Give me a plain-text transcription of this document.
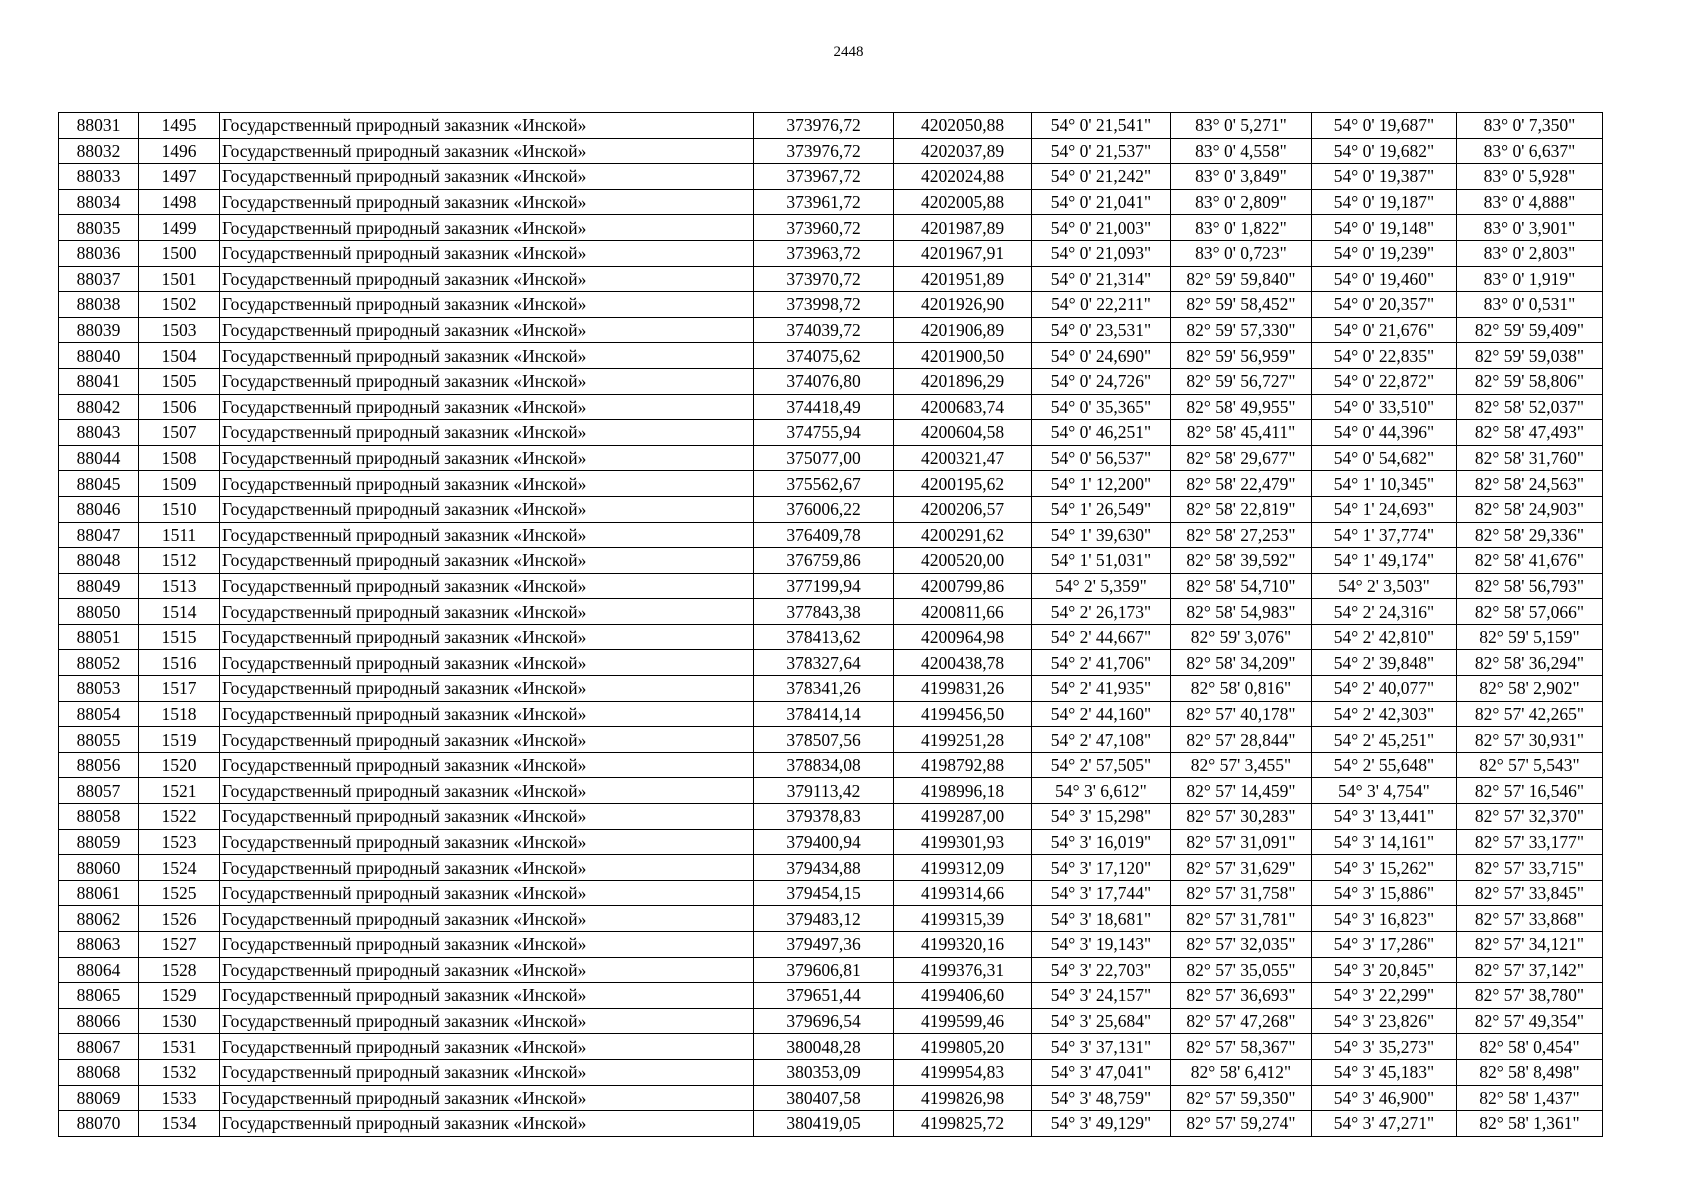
2448
88031	1495	Государственный природный заказник «Инской»	373976,72	4202050,88	54° 0' 21,541"	83° 0' 5,271"	54° 0' 19,687"	83° 0' 7,350"
88032	1496	Государственный природный заказник «Инской»	373976,72	4202037,89	54° 0' 21,537"	83° 0' 4,558"	54° 0' 19,682"	83° 0' 6,637"
88033	1497	Государственный природный заказник «Инской»	373967,72	4202024,88	54° 0' 21,242"	83° 0' 3,849"	54° 0' 19,387"	83° 0' 5,928"
88034	1498	Государственный природный заказник «Инской»	373961,72	4202005,88	54° 0' 21,041"	83° 0' 2,809"	54° 0' 19,187"	83° 0' 4,888"
88035	1499	Государственный природный заказник «Инской»	373960,72	4201987,89	54° 0' 21,003"	83° 0' 1,822"	54° 0' 19,148"	83° 0' 3,901"
88036	1500	Государственный природный заказник «Инской»	373963,72	4201967,91	54° 0' 21,093"	83° 0' 0,723"	54° 0' 19,239"	83° 0' 2,803"
88037	1501	Государственный природный заказник «Инской»	373970,72	4201951,89	54° 0' 21,314"	82° 59' 59,840"	54° 0' 19,460"	83° 0' 1,919"
88038	1502	Государственный природный заказник «Инской»	373998,72	4201926,90	54° 0' 22,211"	82° 59' 58,452"	54° 0' 20,357"	83° 0' 0,531"
88039	1503	Государственный природный заказник «Инской»	374039,72	4201906,89	54° 0' 23,531"	82° 59' 57,330"	54° 0' 21,676"	82° 59' 59,409"
88040	1504	Государственный природный заказник «Инской»	374075,62	4201900,50	54° 0' 24,690"	82° 59' 56,959"	54° 0' 22,835"	82° 59' 59,038"
88041	1505	Государственный природный заказник «Инской»	374076,80	4201896,29	54° 0' 24,726"	82° 59' 56,727"	54° 0' 22,872"	82° 59' 58,806"
88042	1506	Государственный природный заказник «Инской»	374418,49	4200683,74	54° 0' 35,365"	82° 58' 49,955"	54° 0' 33,510"	82° 58' 52,037"
88043	1507	Государственный природный заказник «Инской»	374755,94	4200604,58	54° 0' 46,251"	82° 58' 45,411"	54° 0' 44,396"	82° 58' 47,493"
88044	1508	Государственный природный заказник «Инской»	375077,00	4200321,47	54° 0' 56,537"	82° 58' 29,677"	54° 0' 54,682"	82° 58' 31,760"
88045	1509	Государственный природный заказник «Инской»	375562,67	4200195,62	54° 1' 12,200"	82° 58' 22,479"	54° 1' 10,345"	82° 58' 24,563"
88046	1510	Государственный природный заказник «Инской»	376006,22	4200206,57	54° 1' 26,549"	82° 58' 22,819"	54° 1' 24,693"	82° 58' 24,903"
88047	1511	Государственный природный заказник «Инской»	376409,78	4200291,62	54° 1' 39,630"	82° 58' 27,253"	54° 1' 37,774"	82° 58' 29,336"
88048	1512	Государственный природный заказник «Инской»	376759,86	4200520,00	54° 1' 51,031"	82° 58' 39,592"	54° 1' 49,174"	82° 58' 41,676"
88049	1513	Государственный природный заказник «Инской»	377199,94	4200799,86	54° 2' 5,359"	82° 58' 54,710"	54° 2' 3,503"	82° 58' 56,793"
88050	1514	Государственный природный заказник «Инской»	377843,38	4200811,66	54° 2' 26,173"	82° 58' 54,983"	54° 2' 24,316"	82° 58' 57,066"
88051	1515	Государственный природный заказник «Инской»	378413,62	4200964,98	54° 2' 44,667"	82° 59' 3,076"	54° 2' 42,810"	82° 59' 5,159"
88052	1516	Государственный природный заказник «Инской»	378327,64	4200438,78	54° 2' 41,706"	82° 58' 34,209"	54° 2' 39,848"	82° 58' 36,294"
88053	1517	Государственный природный заказник «Инской»	378341,26	4199831,26	54° 2' 41,935"	82° 58' 0,816"	54° 2' 40,077"	82° 58' 2,902"
88054	1518	Государственный природный заказник «Инской»	378414,14	4199456,50	54° 2' 44,160"	82° 57' 40,178"	54° 2' 42,303"	82° 57' 42,265"
88055	1519	Государственный природный заказник «Инской»	378507,56	4199251,28	54° 2' 47,108"	82° 57' 28,844"	54° 2' 45,251"	82° 57' 30,931"
88056	1520	Государственный природный заказник «Инской»	378834,08	4198792,88	54° 2' 57,505"	82° 57' 3,455"	54° 2' 55,648"	82° 57' 5,543"
88057	1521	Государственный природный заказник «Инской»	379113,42	4198996,18	54° 3' 6,612"	82° 57' 14,459"	54° 3' 4,754"	82° 57' 16,546"
88058	1522	Государственный природный заказник «Инской»	379378,83	4199287,00	54° 3' 15,298"	82° 57' 30,283"	54° 3' 13,441"	82° 57' 32,370"
88059	1523	Государственный природный заказник «Инской»	379400,94	4199301,93	54° 3' 16,019"	82° 57' 31,091"	54° 3' 14,161"	82° 57' 33,177"
88060	1524	Государственный природный заказник «Инской»	379434,88	4199312,09	54° 3' 17,120"	82° 57' 31,629"	54° 3' 15,262"	82° 57' 33,715"
88061	1525	Государственный природный заказник «Инской»	379454,15	4199314,66	54° 3' 17,744"	82° 57' 31,758"	54° 3' 15,886"	82° 57' 33,845"
88062	1526	Государственный природный заказник «Инской»	379483,12	4199315,39	54° 3' 18,681"	82° 57' 31,781"	54° 3' 16,823"	82° 57' 33,868"
88063	1527	Государственный природный заказник «Инской»	379497,36	4199320,16	54° 3' 19,143"	82° 57' 32,035"	54° 3' 17,286"	82° 57' 34,121"
88064	1528	Государственный природный заказник «Инской»	379606,81	4199376,31	54° 3' 22,703"	82° 57' 35,055"	54° 3' 20,845"	82° 57' 37,142"
88065	1529	Государственный природный заказник «Инской»	379651,44	4199406,60	54° 3' 24,157"	82° 57' 36,693"	54° 3' 22,299"	82° 57' 38,780"
88066	1530	Государственный природный заказник «Инской»	379696,54	4199599,46	54° 3' 25,684"	82° 57' 47,268"	54° 3' 23,826"	82° 57' 49,354"
88067	1531	Государственный природный заказник «Инской»	380048,28	4199805,20	54° 3' 37,131"	82° 57' 58,367"	54° 3' 35,273"	82° 58' 0,454"
88068	1532	Государственный природный заказник «Инской»	380353,09	4199954,83	54° 3' 47,041"	82° 58' 6,412"	54° 3' 45,183"	82° 58' 8,498"
88069	1533	Государственный природный заказник «Инской»	380407,58	4199826,98	54° 3' 48,759"	82° 57' 59,350"	54° 3' 46,900"	82° 58' 1,437"
88070	1534	Государственный природный заказник «Инской»	380419,05	4199825,72	54° 3' 49,129"	82° 57' 59,274"	54° 3' 47,271"	82° 58' 1,361"
